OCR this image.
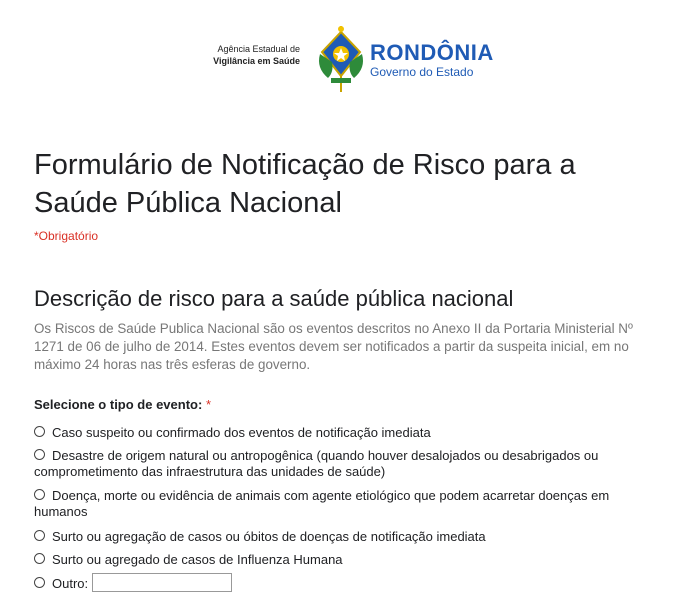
Agência Estadual de
Vigilância em Saúde	RONDÔNIA
Governo do Estado
Formulário de Notificação de Risco para a Saúde Pública Nacional
*Obrigatório
Descrição de risco para a saúde pública nacional
Os Riscos de Saúde Publica Nacional são os eventos descritos no Anexo II da Portaria Ministerial Nº 1271 de 06 de julho de 2014. Estes eventos devem ser notificados a partir da suspeita inicial, em no máximo 24 horas nas três esferas de governo.
Selecione o tipo de evento: *
Caso suspeito ou confirmado dos eventos de notificação imediata
Desastre de origem natural ou antropogênica (quando houver desalojados ou desabrigados ou comprometimento das infraestrutura das unidades de saúde)
Doença, morte ou evidência de animais com agente etiológico que podem acarretar doenças em humanos
Surto ou agregação de casos ou óbitos de doenças de notificação imediata
Surto ou agregado de casos de Influenza Humana
Outro:
